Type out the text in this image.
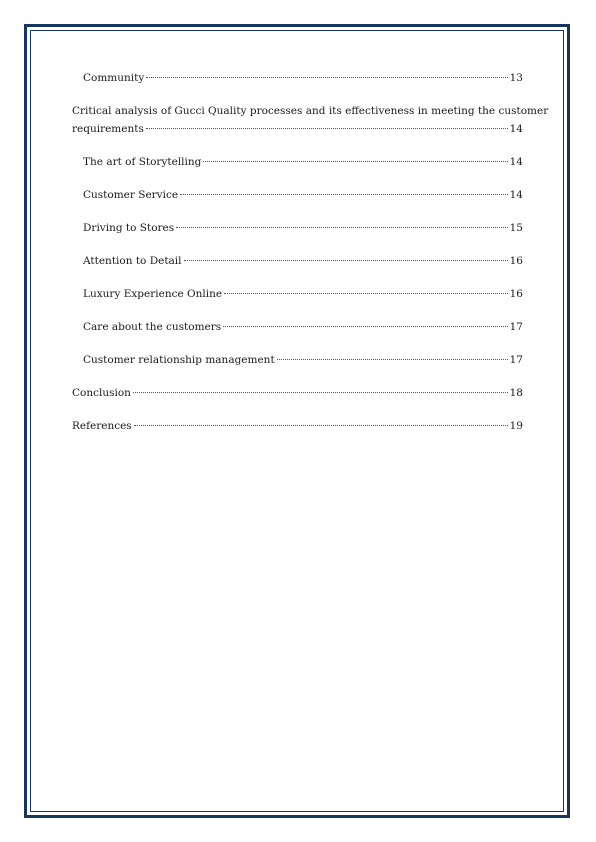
Community	13
Critical analysis of Gucci Quality processes and its effectiveness in meeting the customer
requirements	14
The art of Storytelling	14
Customer Service	14
Driving to Stores	15
Attention to Detail	16
Luxury Experience Online	16
Care about the customers	17
Customer relationship management	17
Conclusion	18
References	19
